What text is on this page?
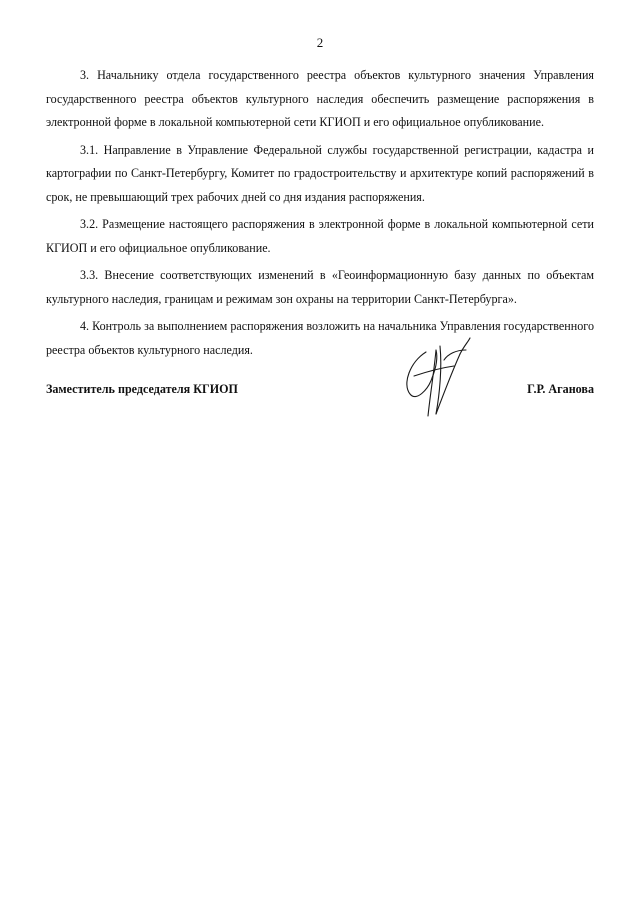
2

3. Начальнику отдела государственного реестра объектов культурного значения Управления государственного реестра объектов культурного наследия обеспечить размещение распоряжения в электронной форме в локальной компьютерной сети КГИОП и его официальное опубликование.

3.1. Направление в Управление Федеральной службы государственной регистрации, кадастра и картографии по Санкт-Петербургу, Комитет по градостроительству и архитектуре копий распоряжений в срок, не превышающий трех рабочих дней со дня издания распоряжения.

3.2. Размещение настоящего распоряжения в электронной форме в локальной компьютерной сети КГИОП и его официальное опубликование.

3.3. Внесение соответствующих изменений в «Геоинформационную базу данных по объектам культурного наследия, границам и режимам зон охраны на территории Санкт-Петербурга».

4. Контроль за выполнением распоряжения возложить на начальника Управления государственного реестра объектов культурного наследия.

Заместитель председателя КГИОП	Г.Р. Аганова
